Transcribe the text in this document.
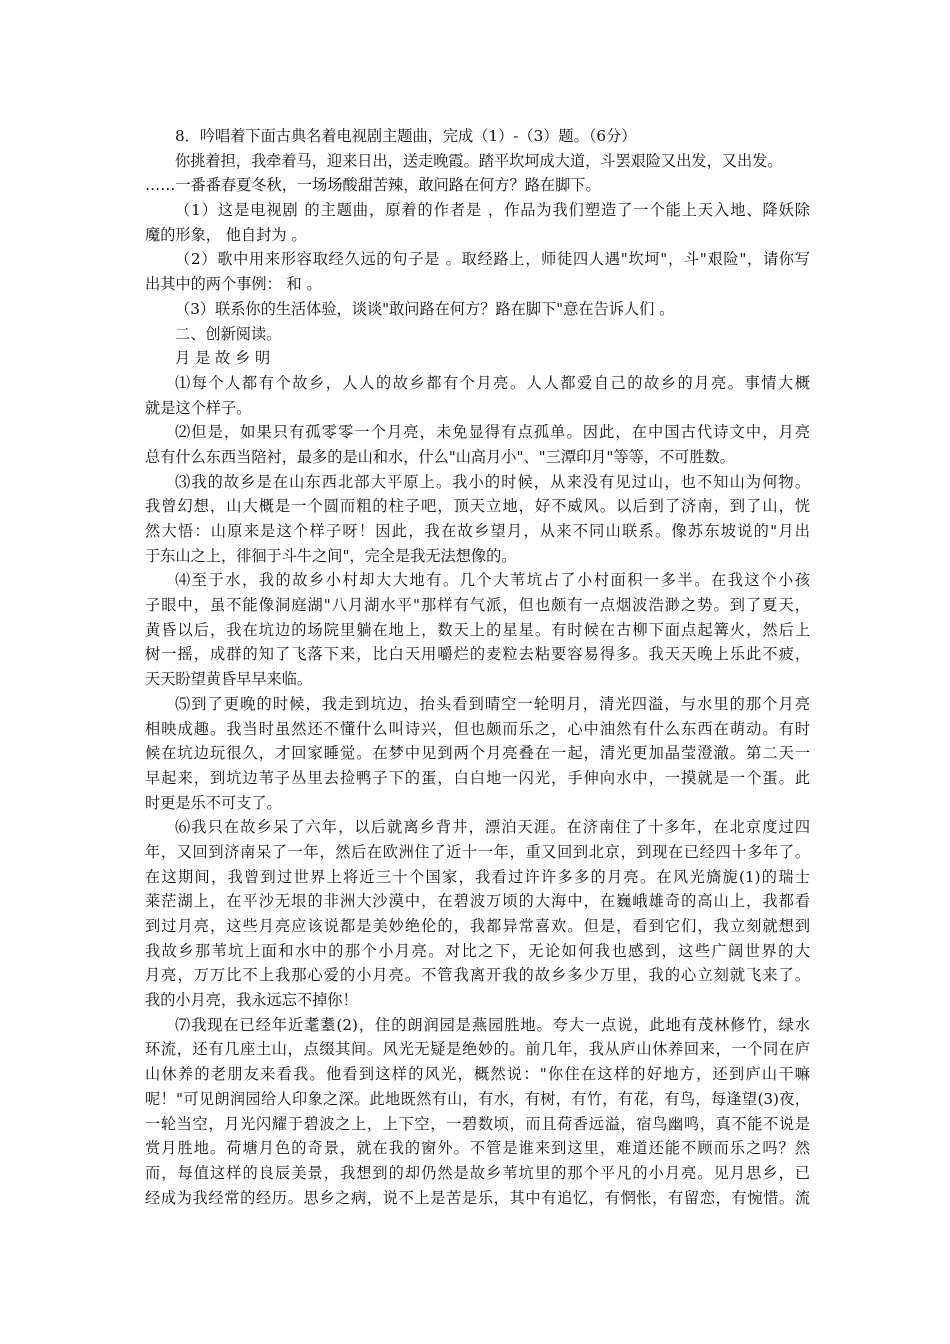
8．吟唱着下面古典名着电视剧主题曲，完成（1）-（3）题。（6分）
你挑着担，我牵着马，迎来日出，送走晚霞。踏平坎坷成大道，斗罢艰险又出发，又出发。
……一番番春夏冬秋，一场场酸甜苦辣，敢问路在何方？路在脚下。
（1）这是电视剧 的主题曲，原着的作者是 ，作品为我们塑造了一个能上天入地、降妖除
魔的形象， 他自封为 。
（2）歌中用来形容取经久远的句子是 。取经路上，师徒四人遇"坎坷"，斗"艰险"，请你写
出其中的两个事例： 和 。
（3）联系你的生活体验，谈谈"敢问路在何方？路在脚下"意在告诉人们 。
二、创新阅读。
月 是 故 乡 明
⑴每个人都有个故乡，人人的故乡都有个月亮。人人都爱自己的故乡的月亮。事情大概
就是这个样子。
⑵但是，如果只有孤零零一个月亮，未免显得有点孤单。因此，在中国古代诗文中，月亮
总有什么东西当陪衬，最多的是山和水，什么"山高月小"、"三潭印月"等等，不可胜数。
⑶我的故乡是在山东西北部大平原上。我小的时候，从来没有见过山，也不知山为何物。
我曾幻想，山大概是一个圆而粗的柱子吧，顶天立地，好不威风。以后到了济南，到了山，恍
然大悟：山原来是这个样子呀！因此，我在故乡望月，从来不同山联系。像苏东坡说的"月出
于东山之上，徘徊于斗牛之间"，完全是我无法想像的。
⑷至于水，我的故乡小村却大大地有。几个大苇坑占了小村面积一多半。在我这个小孩
子眼中，虽不能像洞庭湖"八月湖水平"那样有气派，但也颇有一点烟波浩渺之势。到了夏天，
黄昏以后，我在坑边的场院里躺在地上，数天上的星星。有时候在古柳下面点起篝火，然后上
树一摇，成群的知了飞落下来，比白天用嚼烂的麦粒去粘要容易得多。我天天晚上乐此不疲，
天天盼望黄昏早早来临。
⑸到了更晚的时候，我走到坑边，抬头看到晴空一轮明月，清光四溢，与水里的那个月亮
相映成趣。我当时虽然还不懂什么叫诗兴，但也颇而乐之，心中油然有什么东西在萌动。有时
候在坑边玩很久，才回家睡觉。在梦中见到两个月亮叠在一起，清光更加晶莹澄澈。第二天一
早起来，到坑边苇子丛里去捡鸭子下的蛋，白白地一闪光，手伸向水中，一摸就是一个蛋。此
时更是乐不可支了。
⑹我只在故乡呆了六年，以后就离乡背井，漂泊天涯。在济南住了十多年，在北京度过四
年，又回到济南呆了一年，然后在欧洲住了近十一年，重又回到北京，到现在已经四十多年了。
在这期间，我曾到过世界上将近三十个国家，我看过许许多多的月亮。在风光旖旎(1)的瑞士
莱茫湖上，在平沙无垠的非洲大沙漠中，在碧波万顷的大海中，在巍峨雄奇的高山上，我都看
到过月亮，这些月亮应该说都是美妙绝伦的，我都异常喜欢。但是，看到它们，我立刻就想到
我故乡那苇坑上面和水中的那个小月亮。对比之下，无论如何我也感到，这些广阔世界的大
月亮，万万比不上我那心爱的小月亮。不管我离开我的故乡多少万里，我的心立刻就飞来了。
我的小月亮，我永远忘不掉你！
⑺我现在已经年近耄耋(2)，住的朗润园是燕园胜地。夸大一点说，此地有茂林修竹，绿水
环流，还有几座土山，点缀其间。风光无疑是绝妙的。前几年，我从庐山休养回来，一个同在庐
山休养的老朋友来看我。他看到这样的风光，概然说："你住在这样的好地方，还到庐山干嘛
呢！"可见朗润园给人印象之深。此地既然有山，有水，有树，有竹，有花，有鸟，每逢望(3)夜，
一轮当空，月光闪耀于碧波之上，上下空，一碧数顷，而且荷香远溢，宿鸟幽鸣，真不能不说是
赏月胜地。荷塘月色的奇景，就在我的窗外。不管是谁来到这里，难道还能不顾而乐之吗？然
而，每值这样的良辰美景，我想到的却仍然是故乡苇坑里的那个平凡的小月亮。见月思乡，已
经成为我经常的经历。思乡之病，说不上是苦是乐，其中有追忆，有惘怅，有留恋，有惋惜。流
